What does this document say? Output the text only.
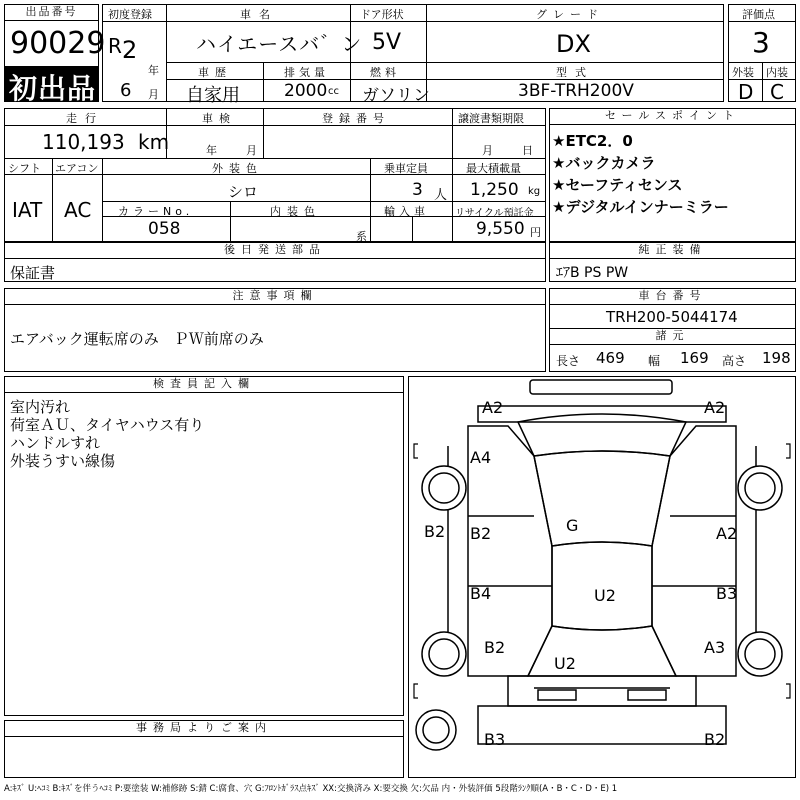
出品番号
90029
初出品
初度登録
R 2
年
6 月
車名
ハイエースバ゛ン
車歴
自家用
排気量
2000 cc
ドア形状
5V
燃料
ガソリン
グレード
DX
型式
3BF-TRH200V
評価点
3
外装 内装
D C
走行
110,193 km
車検
年	月
登録番号	譲渡書類期限
月	日
シフト エアコン
IAT AC
外装色
シロ
カラーNo.
058
内装色
系
乗車定員
3 人
輸入車
最大積載量
1,250 kg
リサイクル預託金
9,550 円
セールスポイント
★ETC2．0
★バックカメラ
★セーフティセンス
★デジタルインナーミラー
後日発送部品
保証書
純正装備
ｴｱB PS PW
注意事項欄
エアバック運転席のみ　ＰＷ前席のみ
車台番号
TRH200-5044174
諸元
長さ 469 幅 169 高さ 198
検査員記入欄
室内汚れ
荷室ＡＵ、タイヤハウス有り
ハンドルすれ
外装うすい線傷
事務局よりご案内
A2	A2
A4
G
B2 B2	A2
U2
B4	B3
B2	A3
U2
B3	B2
A:ｷｽﾞ U:ﾍｺﾐ B:ｷｽﾞを伴うﾍｺﾐ P:要塗装 W:補修跡 S:錆 C:腐食、穴 G:ﾌﾛﾝﾄｶﾞﾗｽ点ｷｽﾞ XX:交換済み X:要交換 欠:欠品 内・外装評価 5段階ﾗﾝｸ順(A・B・C・D・E) 1
